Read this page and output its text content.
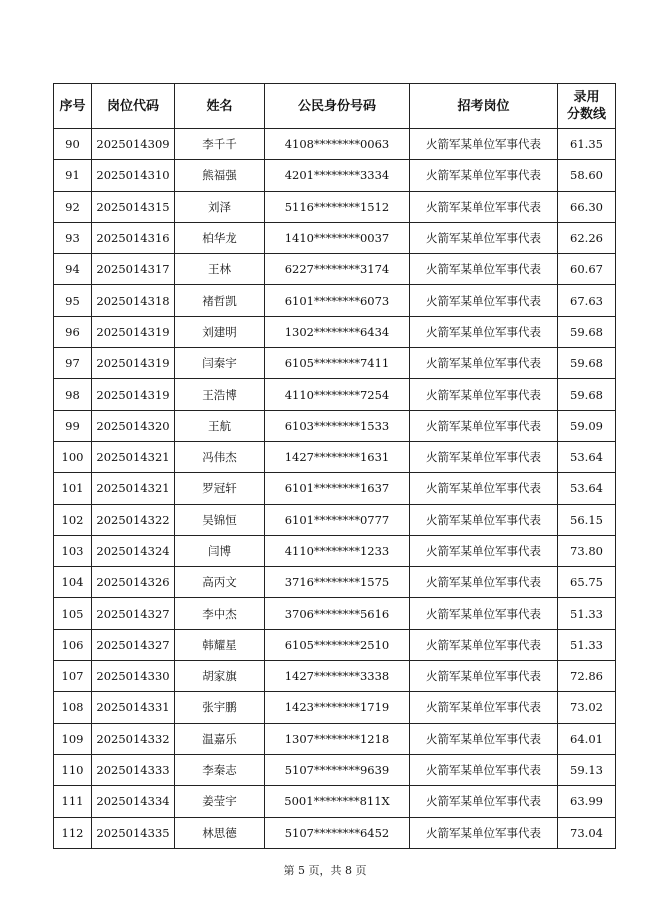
序号	岗位代码	姓名	公民身份号码	招考岗位	录用
分数线

90	2025014309	李千千	4108********0063	火箭军某单位军事代表	61.35
91	2025014310	熊福强	4201********3334	火箭军某单位军事代表	58.60
92	2025014315	刘泽	5116********1512	火箭军某单位军事代表	66.30
93	2025014316	柏华龙	1410********0037	火箭军某单位军事代表	62.26
94	2025014317	王林	6227********3174	火箭军某单位军事代表	60.67
95	2025014318	褚哲凯	6101********6073	火箭军某单位军事代表	67.63
96	2025014319	刘建明	1302********6434	火箭军某单位军事代表	59.68
97	2025014319	闫秦宇	6105********7411	火箭军某单位军事代表	59.68
98	2025014319	王浩博	4110********7254	火箭军某单位军事代表	59.68
99	2025014320	王航	6103********1533	火箭军某单位军事代表	59.09
100	2025014321	冯伟杰	1427********1631	火箭军某单位军事代表	53.64
101	2025014321	罗冠轩	6101********1637	火箭军某单位军事代表	53.64
102	2025014322	吴锦恒	6101********0777	火箭军某单位军事代表	56.15
103	2025014324	闫博	4110********1233	火箭军某单位军事代表	73.80
104	2025014326	高丙文	3716********1575	火箭军某单位军事代表	65.75
105	2025014327	李中杰	3706********5616	火箭军某单位军事代表	51.33
106	2025014327	韩耀星	6105********2510	火箭军某单位军事代表	51.33
107	2025014330	胡家旗	1427********3338	火箭军某单位军事代表	72.86
108	2025014331	张宇鹏	1423********1719	火箭军某单位军事代表	73.02
109	2025014332	温嘉乐	1307********1218	火箭军某单位军事代表	64.01
110	2025014333	李秦志	5107********9639	火箭军某单位军事代表	59.13
111	2025014334	姜莹宇	5001********811X	火箭军某单位军事代表	63.99
112	2025014335	林思德	5107********6452	火箭军某单位军事代表	73.04
第 5 页，共 8 页
